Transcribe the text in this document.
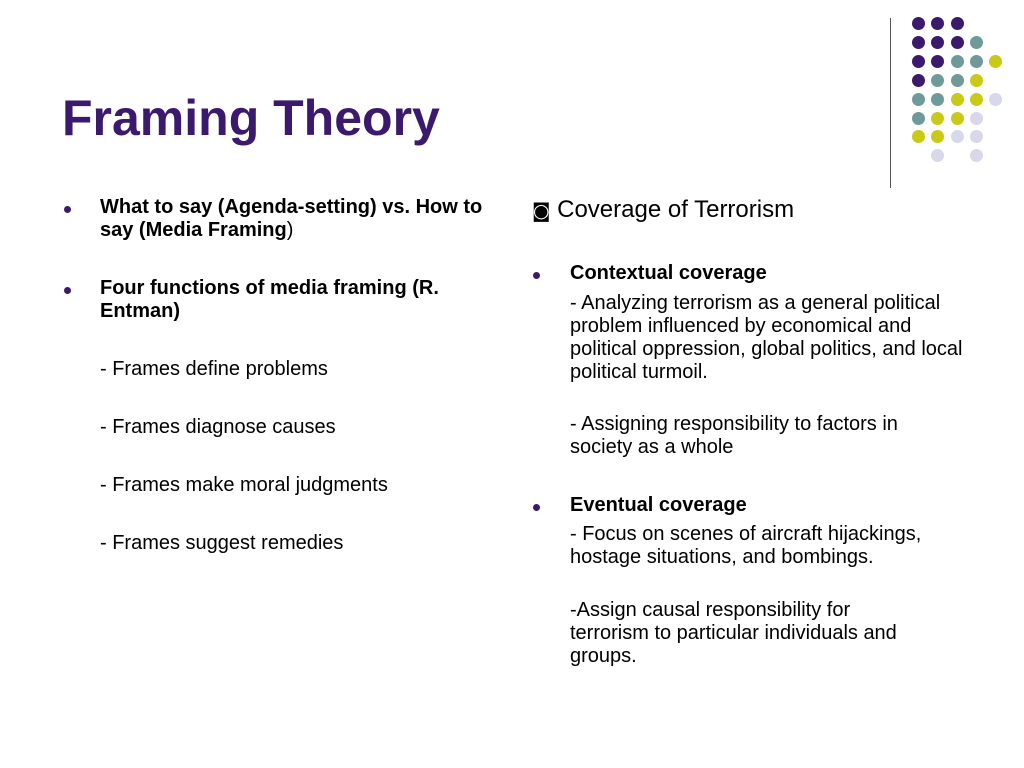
Framing Theory
What to say (Agenda-setting) vs. How to say (Media Framing)
Four functions of media framing (R. Entman)
- Frames define problems
- Frames diagnose causes
- Frames make moral judgments
- Frames suggest remedies
◙ Coverage of Terrorism
Contextual coverage
- Analyzing terrorism as a general political problem influenced by economical and political oppression, global politics, and local political turmoil.
- Assigning responsibility to factors in society as a whole
Eventual coverage
- Focus on scenes of aircraft hijackings, hostage situations, and bombings.
-Assign causal responsibility for terrorism to particular individuals and groups.
